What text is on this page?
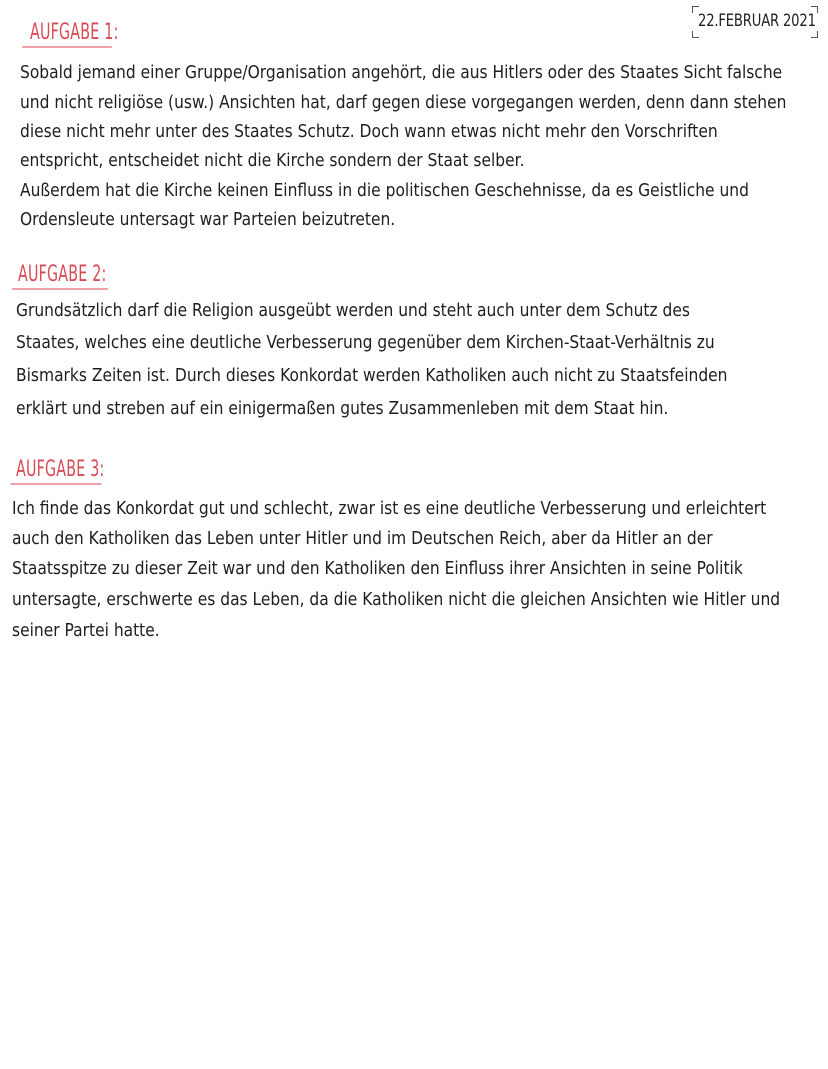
22.FEBRUAR 2021
AUFGABE 1:
Sobald jemand einer Gruppe/Organisation angehört, die aus Hitlers oder des Staates Sicht falsche
und nicht religiöse (usw.) Ansichten hat, darf gegen diese vorgegangen werden, denn dann stehen
diese nicht mehr unter des Staates Schutz. Doch wann etwas nicht mehr den Vorschriften
entspricht, entscheidet nicht die Kirche sondern der Staat selber.
Außerdem hat die Kirche keinen Einfluss in die politischen Geschehnisse, da es Geistliche und
Ordensleute untersagt war Parteien beizutreten.
AUFGABE 2:
Grundsätzlich darf die Religion ausgeübt werden und steht auch unter dem Schutz des
Staates, welches eine deutliche Verbesserung gegenüber dem Kirchen-Staat-Verhältnis zu
Bismarks Zeiten ist. Durch dieses Konkordat werden Katholiken auch nicht zu Staatsfeinden
erklärt und streben auf ein einigermaßen gutes Zusammenleben mit dem Staat hin.
AUFGABE 3:
Ich finde das Konkordat gut und schlecht, zwar ist es eine deutliche Verbesserung und erleichtert
auch den Katholiken das Leben unter Hitler und im Deutschen Reich, aber da Hitler an der
Staatsspitze zu dieser Zeit war und den Katholiken den Einfluss ihrer Ansichten in seine Politik
untersagte, erschwerte es das Leben, da die Katholiken nicht die gleichen Ansichten wie Hitler und
seiner Partei hatte.
